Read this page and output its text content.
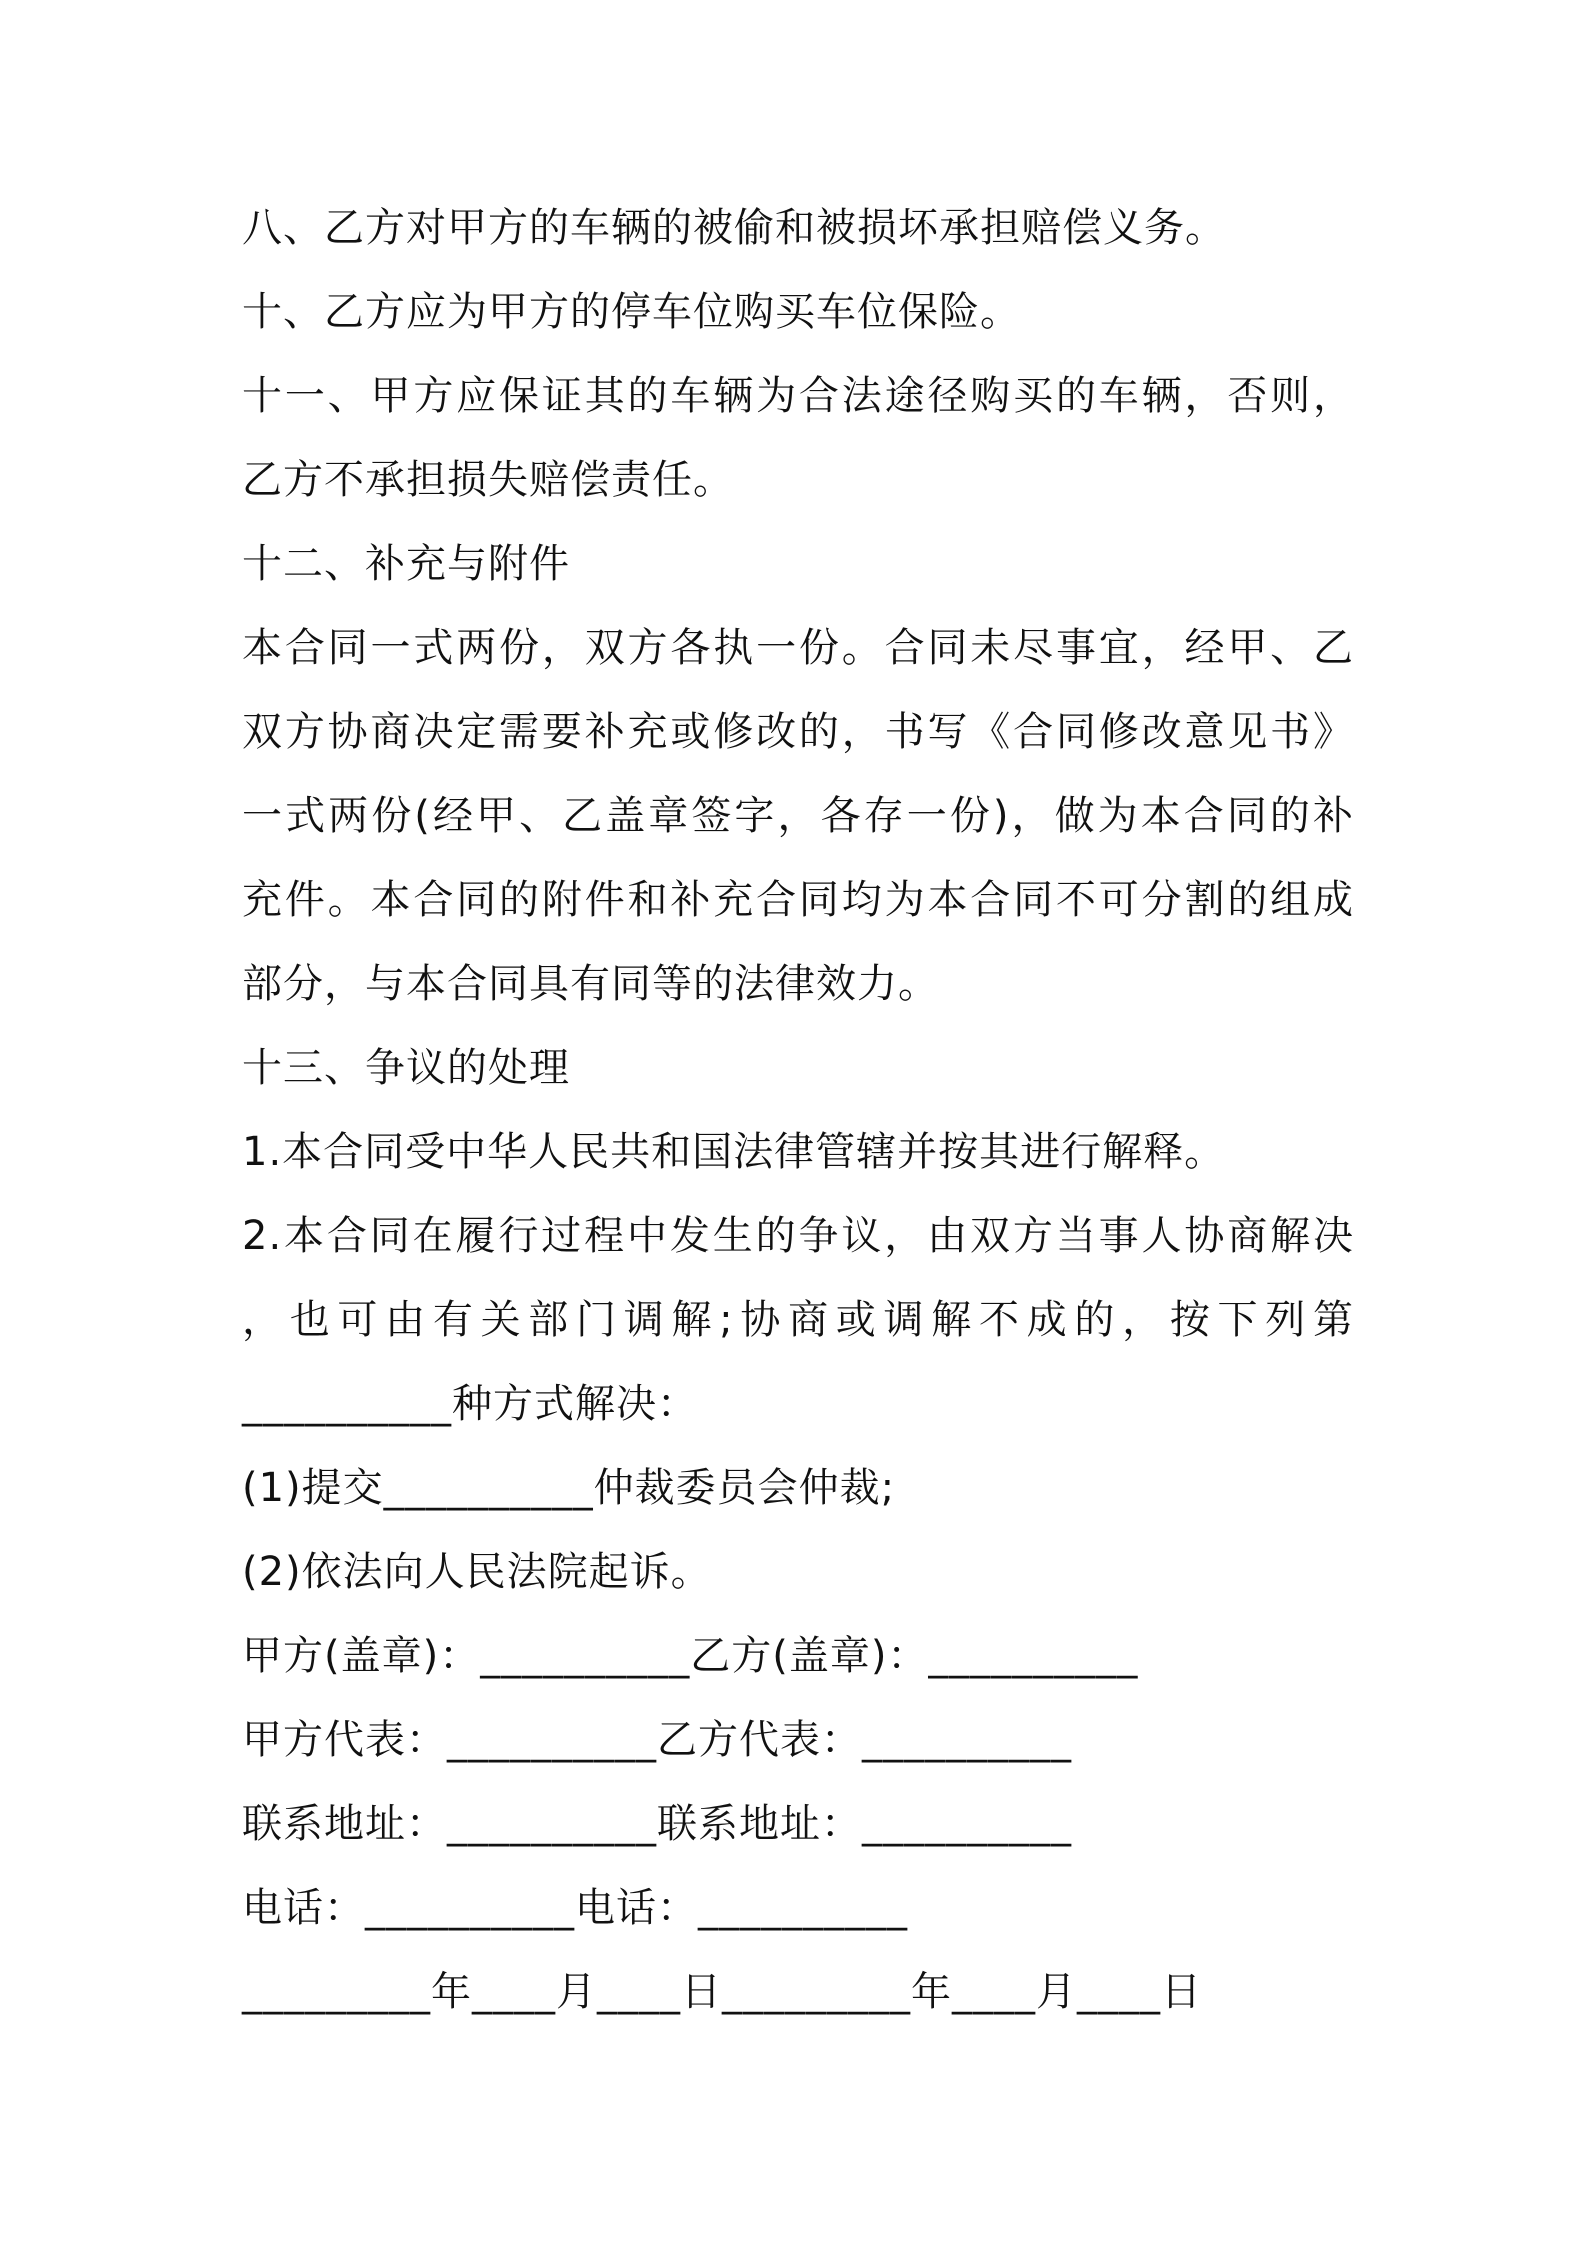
八、乙方对甲方的车辆的被偷和被损坏承担赔偿义务。
十、乙方应为甲方的停车位购买车位保险。
十一、甲方应保证其的车辆为合法途径购买的车辆，否则，
乙方不承担损失赔偿责任。
十二、补充与附件
本合同一式两份，双方各执一份。合同未尽事宜，经甲、乙
双方协商决定需要补充或修改的，书写《合同修改意见书》
一式两份(经甲、乙盖章签字，各存一份)，做为本合同的补
充件。本合同的附件和补充合同均为本合同不可分割的组成
部分，与本合同具有同等的法律效力。
十三、争议的处理
1.本合同受中华人民共和国法律管辖并按其进行解释。
2.本合同在履行过程中发生的争议，由双方当事人协商解决
，也可由有关部门调解;协商或调解不成的，按下列第
__________种方式解决：
(1)提交__________仲裁委员会仲裁;
(2)依法向人民法院起诉。
甲方(盖章)：__________乙方(盖章)：__________
甲方代表：__________乙方代表：__________
联系地址：__________联系地址：__________
电话：__________电话：__________
_________年____月____日_________年____月____日
